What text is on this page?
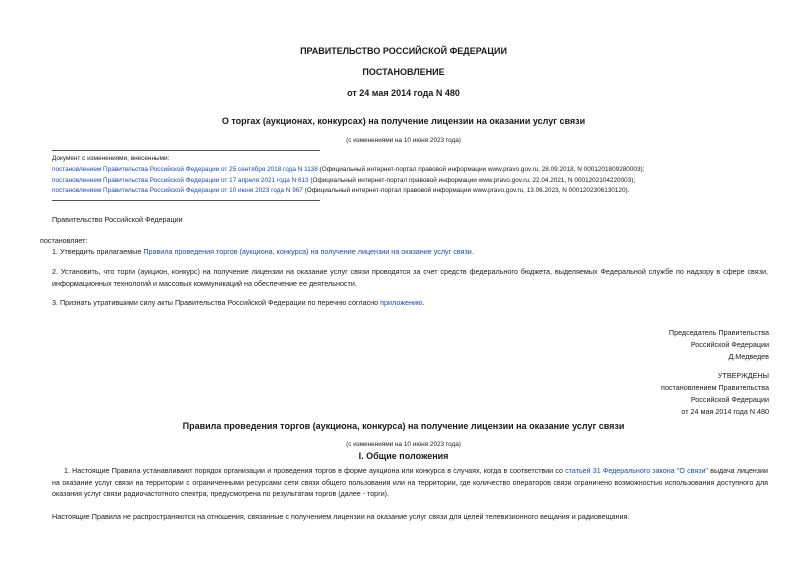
ПРАВИТЕЛЬСТВО РОССИЙСКОЙ ФЕДЕРАЦИИ
ПОСТАНОВЛЕНИЕ
от 24 мая 2014 года N 480
О торгах (аукционах, конкурсах) на получение лицензии на оказании услуг связи
(с изменениями на 10 июня 2023 года)
Документ с изменениями, внесенными:
постановлением Правительства Российской Федерации от 25 сентября 2018 года N 1138 (Официальный интернет-портал правовой информации www.pravo.gov.ru, 28.09.2018, N 0001201809280003);
постановлением Правительства Российской Федерации от 17 апреля 2021 года N 613 (Официальный интернет-портал правовой информации www.pravo.gov.ru, 22.04.2021, N 0001202104220003);
постановлением Правительства Российской Федерации от 10 июня 2023 года N 967 (Официальный интернет-портал правовой информации www.pravo.gov.ru, 13.06.2023, N 0001202306130120).
Правительство Российской Федерации
постановляет:
1. Утвердить прилагаемые Правила проведения торгов (аукциона, конкурса) на получение лицензии на оказание услуг связи.
2. Установить, что торги (аукцион, конкурс) на получение лицензии на оказание услуг связи проводятся за счет средств федерального бюджета, выделяемых Федеральной службе по надзору в сфере связи, информационных технологий и массовых коммуникаций на обеспечение ее деятельности.
3. Признать утратившими силу акты Правительства Российской Федерации по перечню согласно приложению.
Председатель Правительства
Российской Федерации
Д.Медведев
УТВЕРЖДЕНЫ
постановлением Правительства
Российской Федерации
от 24 мая 2014 года N 480
Правила проведения торгов (аукциона, конкурса) на получение лицензии на оказание услуг связи
(с изменениями на 10 июня 2023 года)
I. Общие положения
1. Настоящие Правила устанавливают порядок организации и проведения торгов в форме аукциона или конкурса в случаях, когда в соответствии со статьей 31 Федерального закона "О связи" выдача лицензии на оказание услуг связи на территории с ограниченными ресурсами сети связи общего пользования или на территории, где количество операторов связи ограничено возможностью использования доступного для оказания услуг связи радиочастотного спектра, предусмотрена по результатам торгов (далее - торги).
Настоящие Правила не распространяются на отношения, связанные с получением лицензии на оказание услуг связи для целей телевизионного вещания и радиовещания.
